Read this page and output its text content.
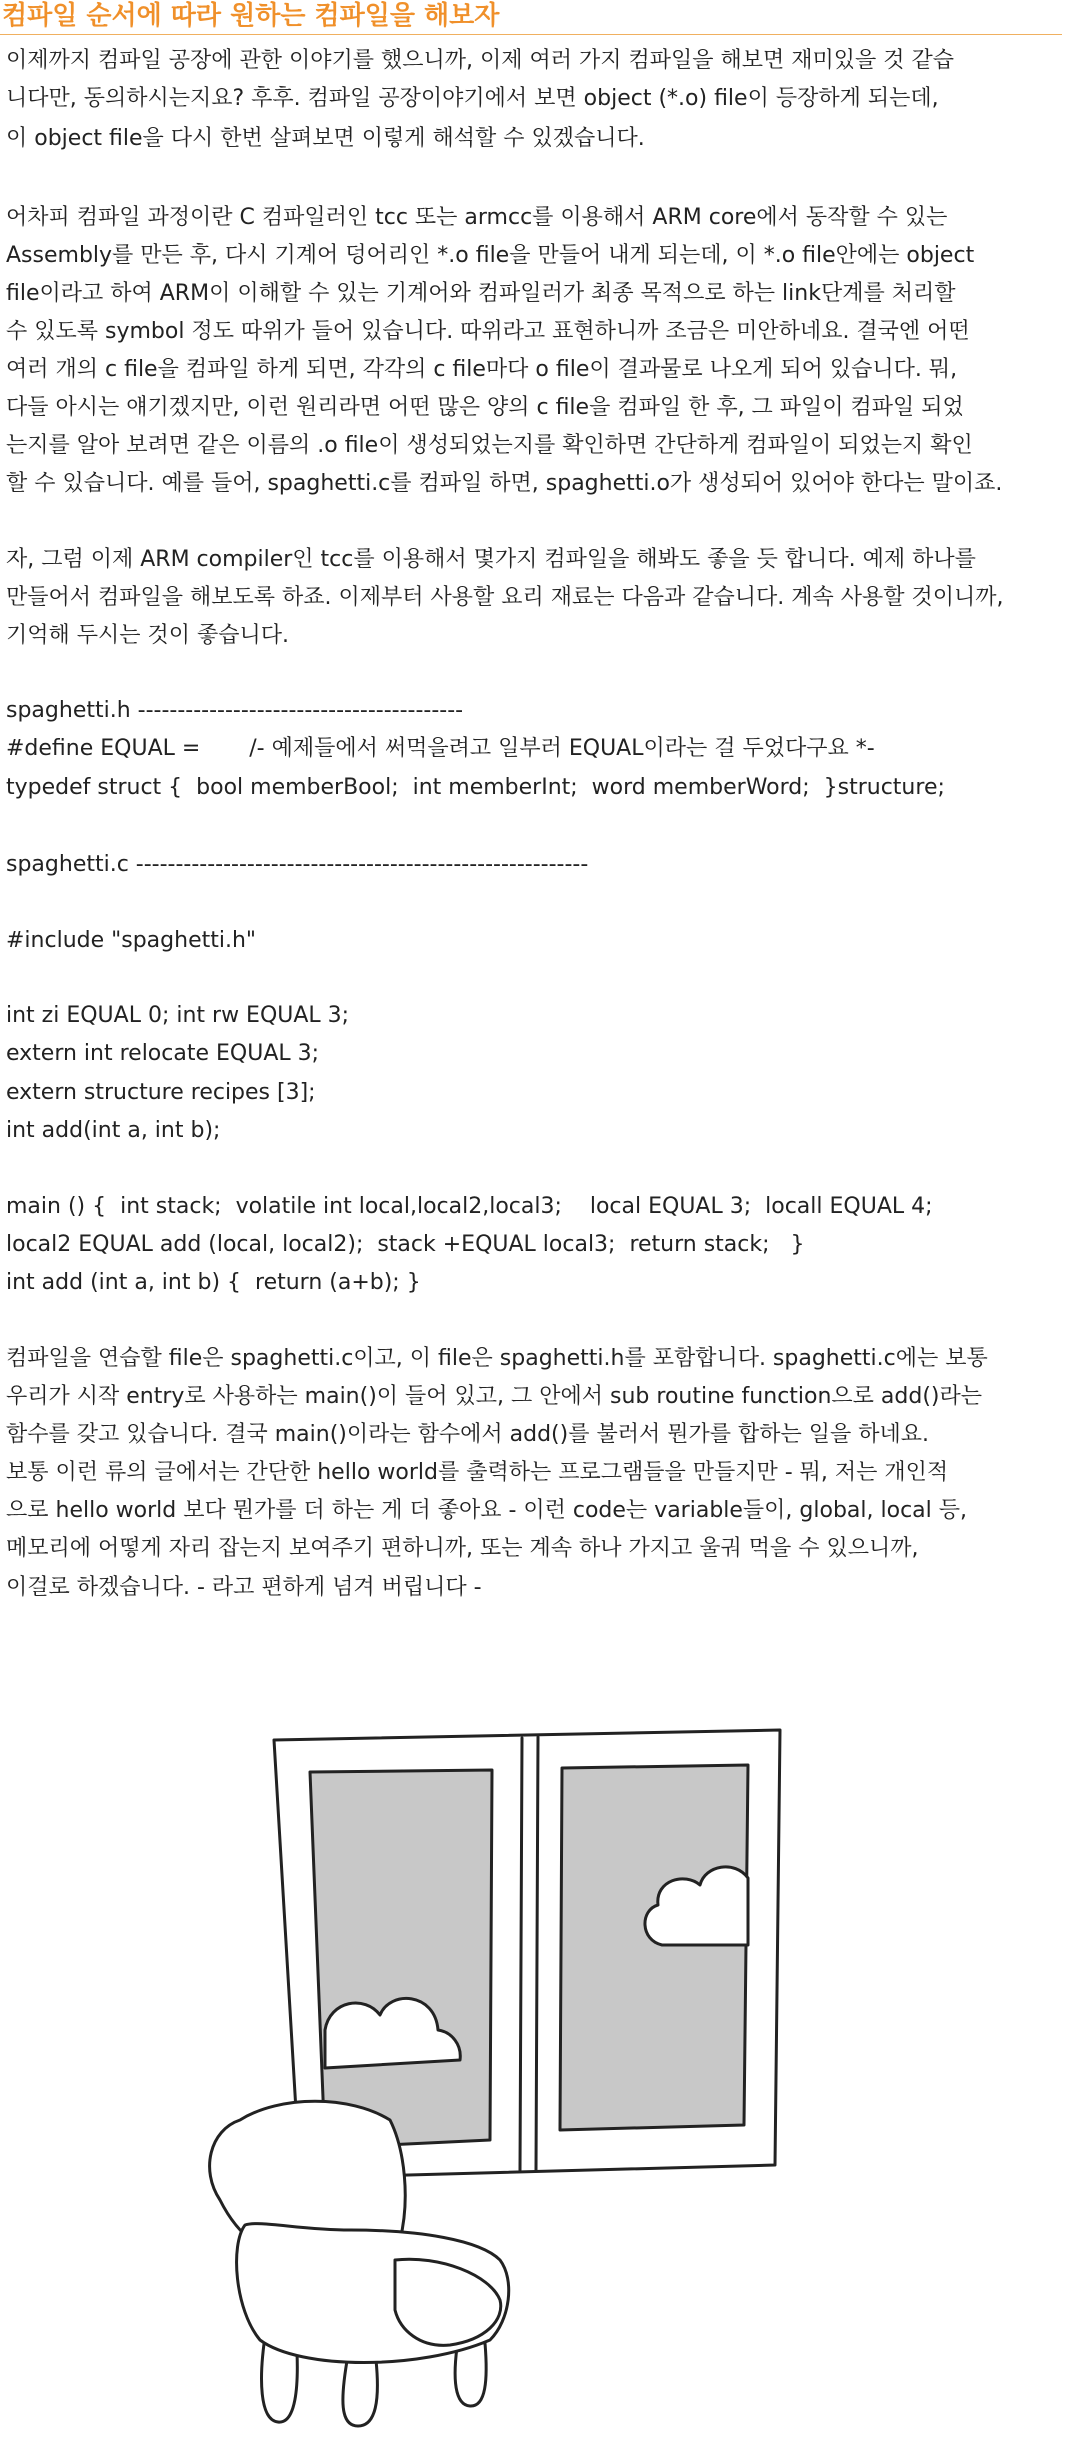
컴파일 순서에 따라 원하는 컴파일을 해보자
이제까지 컴파일 공장에 관한 이야기를 했으니까, 이제 여러 가지 컴파일을 해보면 재미있을 것 같습
니다만, 동의하시는지요? 후후. 컴파일 공장이야기에서 보면 object (*.o) file이 등장하게 되는데,
이 object file을 다시 한번 살펴보면 이렇게 해석할 수 있겠습니다.
어차피 컴파일 과정이란 C 컴파일러인 tcc 또는 armcc를 이용해서 ARM core에서 동작할 수 있는
Assembly를 만든 후, 다시 기계어 덩어리인 *.o file을 만들어 내게 되는데, 이 *.o file안에는 object
file이라고 하여 ARM이 이해할 수 있는 기계어와 컴파일러가 최종 목적으로 하는 link단계를 처리할
수 있도록 symbol 정도 따위가 들어 있습니다. 따위라고 표현하니까 조금은 미안하네요. 결국엔 어떤
여러 개의 c file을 컴파일 하게 되면, 각각의 c file마다 o file이 결과물로 나오게 되어 있습니다. 뭐,
다들 아시는 얘기겠지만, 이런 원리라면 어떤 많은 양의 c file을 컴파일 한 후, 그 파일이 컴파일 되었
는지를 알아 보려면 같은 이름의 .o file이 생성되었는지를 확인하면 간단하게 컴파일이 되었는지 확인
할 수 있습니다. 예를 들어, spaghetti.c를 컴파일 하면, spaghetti.o가 생성되어 있어야 한다는 말이죠.
자, 그럼 이제 ARM compiler인 tcc를 이용해서 몇가지 컴파일을 해봐도 좋을 듯 합니다. 예제 하나를
만들어서 컴파일을 해보도록 하죠. 이제부터 사용할 요리 재료는 다음과 같습니다. 계속 사용할 것이니까,
기억해 두시는 것이 좋습니다.
spaghetti.h -----------------------------------------
#define EQUAL =       /- 예제들에서 써먹을려고 일부러 EQUAL이라는 걸 두었다구요 *-
typedef struct {  bool memberBool;  int memberInt;  word memberWord;  }structure;
spaghetti.c ---------------------------------------------------------
#include "spaghetti.h"
int zi EQUAL 0; int rw EQUAL 3;
extern int relocate EQUAL 3;
extern structure recipes [3];
int add(int a, int b);
main () {  int stack;  volatile int local,local2,local3;    local EQUAL 3;  locall EQUAL 4;
local2 EQUAL add (local, local2);  stack +EQUAL local3;  return stack;   }
int add (int a, int b) {  return (a+b); }
컴파일을 연습할 file은 spaghetti.c이고, 이 file은 spaghetti.h를 포함합니다. spaghetti.c에는 보통
우리가 시작 entry로 사용하는 main()이 들어 있고, 그 안에서 sub routine function으로 add()라는
함수를 갖고 있습니다. 결국 main()이라는 함수에서 add()를 불러서 뭔가를 합하는 일을 하네요.
보통 이런 류의 글에서는 간단한 hello world를 출력하는 프로그램들을 만들지만 - 뭐, 저는 개인적
으로 hello world 보다 뭔가를 더 하는 게 더 좋아요 - 이런 code는 variable들이, global, local 등,
메모리에 어떻게 자리 잡는지 보여주기 편하니까, 또는 계속 하나 가지고 울궈 먹을 수 있으니까,
이걸로 하겠습니다. - 라고 편하게 넘겨 버립니다 -
